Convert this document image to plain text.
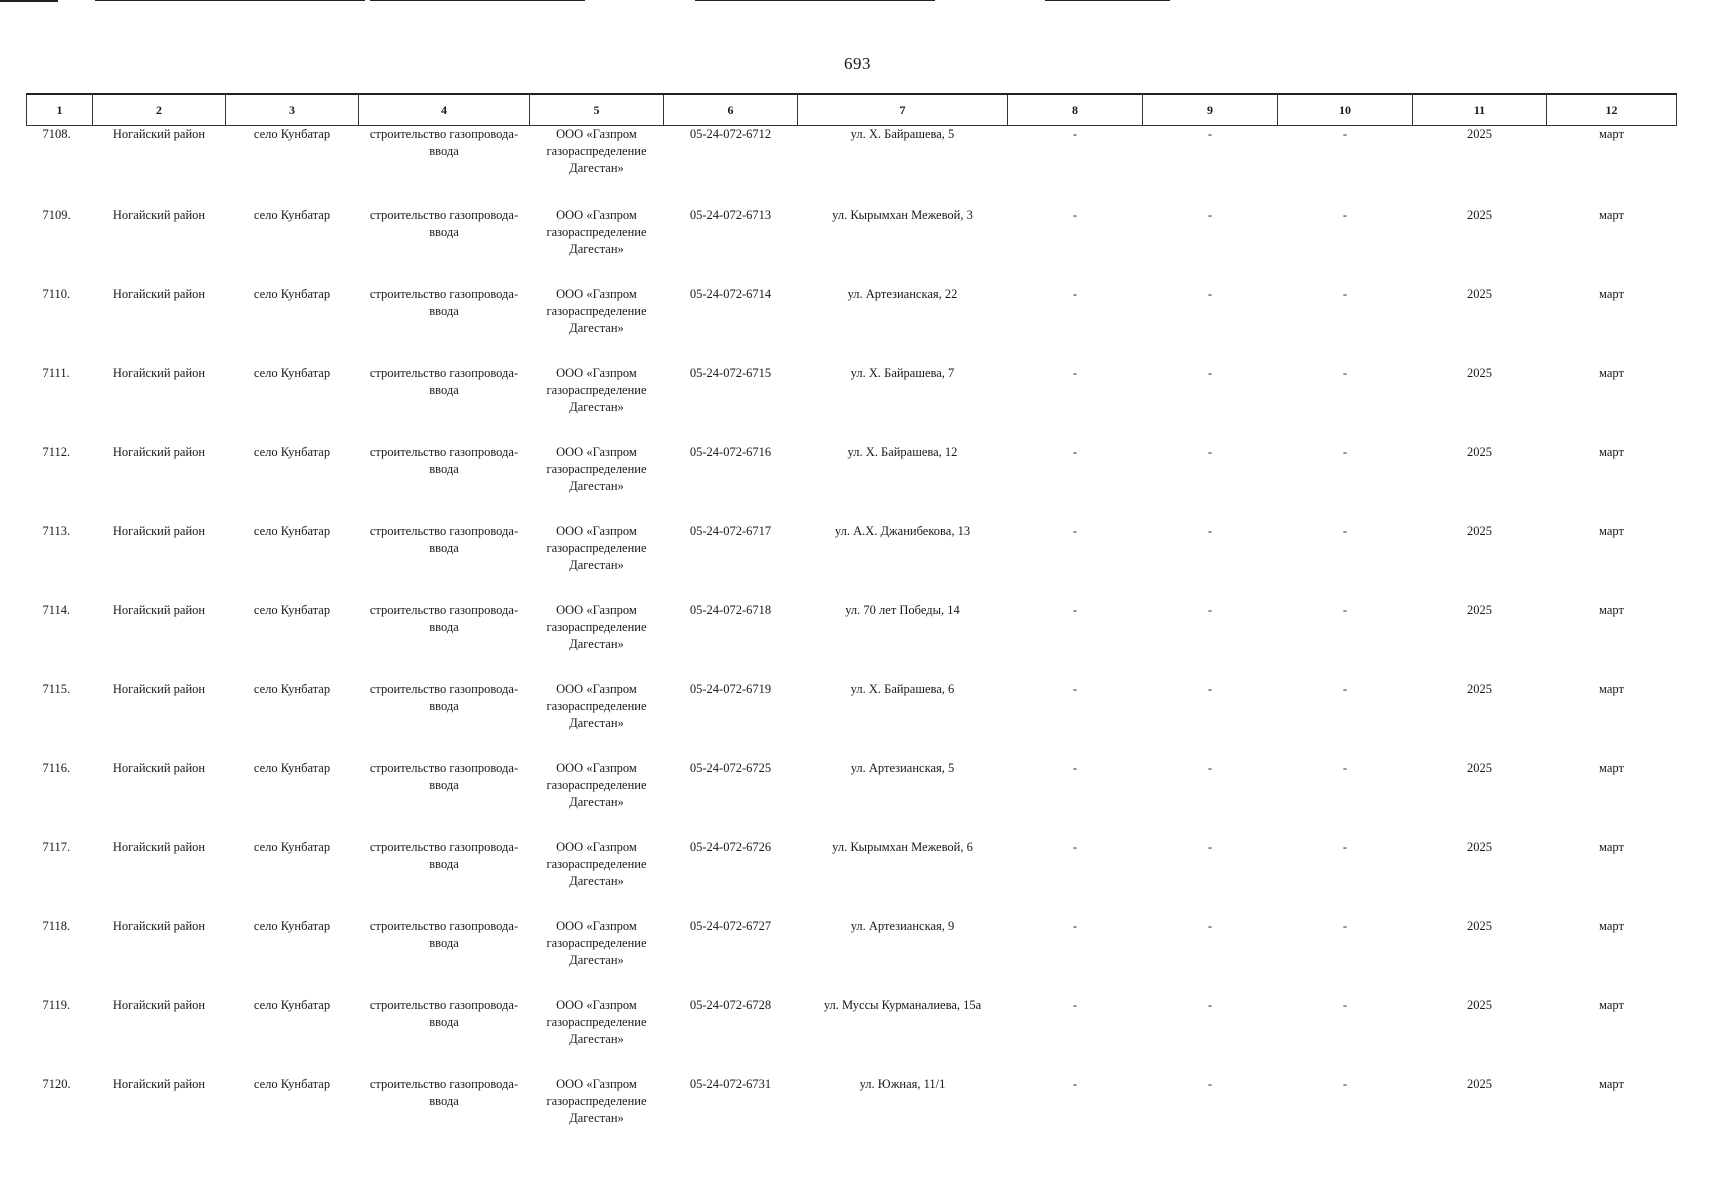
693
1	2	3	4	5	6	7	8	9	10	11	12
7108.	Ногайский район	село Кунбатар	строительство газопровода-ввода	ООО «Газпром газораспределение Дагестан»	05-24-072-6712	ул. Х. Байрашева, 5	-	-	-	2025	март
7109.	Ногайский район	село Кунбатар	строительство газопровода-ввода	ООО «Газпром газораспределение Дагестан»	05-24-072-6713	ул. Кырымхан Межевой, 3	-	-	-	2025	март
7110.	Ногайский район	село Кунбатар	строительство газопровода-ввода	ООО «Газпром газораспределение Дагестан»	05-24-072-6714	ул. Артезианская, 22	-	-	-	2025	март
7111.	Ногайский район	село Кунбатар	строительство газопровода-ввода	ООО «Газпром газораспределение Дагестан»	05-24-072-6715	ул. Х. Байрашева, 7	-	-	-	2025	март
7112.	Ногайский район	село Кунбатар	строительство газопровода-ввода	ООО «Газпром газораспределение Дагестан»	05-24-072-6716	ул. Х. Байрашева, 12	-	-	-	2025	март
7113.	Ногайский район	село Кунбатар	строительство газопровода-ввода	ООО «Газпром газораспределение Дагестан»	05-24-072-6717	ул. А.Х. Джанибекова, 13	-	-	-	2025	март
7114.	Ногайский район	село Кунбатар	строительство газопровода-ввода	ООО «Газпром газораспределение Дагестан»	05-24-072-6718	ул. 70 лет Победы, 14	-	-	-	2025	март
7115.	Ногайский район	село Кунбатар	строительство газопровода-ввода	ООО «Газпром газораспределение Дагестан»	05-24-072-6719	ул. Х. Байрашева, 6	-	-	-	2025	март
7116.	Ногайский район	село Кунбатар	строительство газопровода-ввода	ООО «Газпром газораспределение Дагестан»	05-24-072-6725	ул. Артезианская, 5	-	-	-	2025	март
7117.	Ногайский район	село Кунбатар	строительство газопровода-ввода	ООО «Газпром газораспределение Дагестан»	05-24-072-6726	ул. Кырымхан Межевой, 6	-	-	-	2025	март
7118.	Ногайский район	село Кунбатар	строительство газопровода-ввода	ООО «Газпром газораспределение Дагестан»	05-24-072-6727	ул. Артезианская, 9	-	-	-	2025	март
7119.	Ногайский район	село Кунбатар	строительство газопровода-ввода	ООО «Газпром газораспределение Дагестан»	05-24-072-6728	ул. Муссы Курманалиева, 15а	-	-	-	2025	март
7120.	Ногайский район	село Кунбатар	строительство газопровода-ввода	ООО «Газпром газораспределение Дагестан»	05-24-072-6731	ул. Южная, 11/1	-	-	-	2025	март
